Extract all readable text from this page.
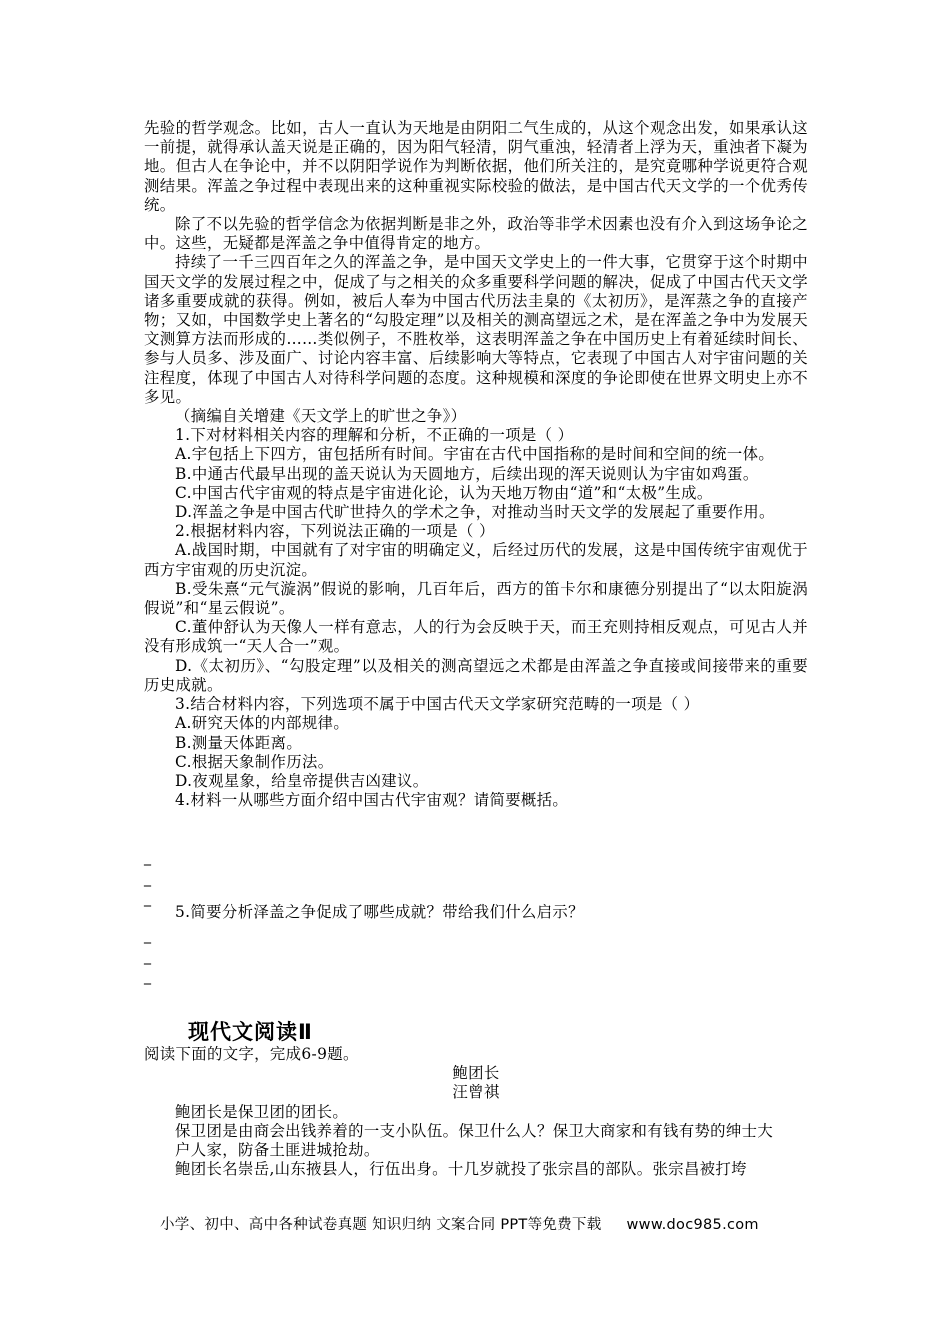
先验的哲学观念。比如，古人一直认为天地是由阴阳二气生成的，从这个观念出发，如果承认这一前提，就得承认盖天说是正确的，因为阳气轻清，阴气重浊，轻清者上浮为天，重浊者下凝为地。但古人在争论中，并不以阴阳学说作为判断依据，他们所关注的，是究竟哪种学说更符合观测结果。浑盖之争过程中表现出来的这种重视实际校验的做法，是中国古代天文学的一个优秀传统。

除了不以先验的哲学信念为依据判断是非之外，政治等非学术因素也没有介入到这场争论之中。这些，无疑都是浑盖之争中值得肯定的地方。

持续了一千三四百年之久的浑盖之争，是中国天文学史上的一件大事，它贯穿于这个时期中国天文学的发展过程之中，促成了与之相关的众多重要科学问题的解决，促成了中国古代天文学诸多重要成就的获得。例如，被后人奉为中国古代历法圭臬的《太初历》，是浑蒸之争的直接产物；又如，中国数学史上著名的“勾股定理”以及相关的测高望远之术，是在浑盖之争中为发展天文测算方法而形成的……类似例子，不胜枚举，这表明浑盖之争在中国历史上有着延续时间长、参与人员多、涉及面广、讨论内容丰富、后续影响大等特点，它表现了中国古人对宇宙问题的关注程度，体现了中国古人对待科学问题的态度。这种规模和深度的争论即使在世界文明史上亦不多见。

（摘编自关增建《天文学上的旷世之争》）

1.下对材料相关内容的理解和分析，不正确的一项是（ ）

A.宇包括上下四方，宙包括所有时间。宇宙在古代中国指称的是时间和空间的统一体。

B.中通古代最早出现的盖天说认为天圆地方，后续出现的浑天说则认为宇宙如鸡蛋。

C.中国古代宇宙观的特点是宇宙进化论，认为天地万物由“道”和“太极”生成。

D.浑盖之争是中国古代旷世持久的学术之争，对推动当时天文学的发展起了重要作用。

2.根据材料内容，下列说法正确的一项是（ ）

A.战国时期，中国就有了对宇宙的明确定义，后经过历代的发展，这是中国传统宇宙观优于西方宇宙观的历史沉淀。

B.受朱熹“元气漩涡”假说的影响，几百年后，西方的笛卡尔和康德分别提出了“以太阳旋涡假说”和“星云假说”。

C.董仲舒认为天像人一样有意志，人的行为会反映于天，而王充则持相反观点，可见古人并没有形成筑一“天人合一”观。

D.《太初历》、“勾股定理”以及相关的测高望远之术都是由浑盖之争直接或间接带来的重要历史成就。

3.结合材料内容，下列选项不属于中国古代天文学家研究范畴的一项是（ ）

A.研究天体的内部规律。

B.测量天体距离。

C.根据天象制作历法。

D.夜观星象，给皇帝提供吉凶建议。

4.材料一从哪些方面介绍中国古代宇宙观？请简要概括。

_
_
_

5.简要分析泽盖之争促成了哪些成就？带给我们什么启示？

_
_
_
现代文阅读Ⅱ

阅读下面的文字，完成6-9题。

鲍团长

汪曾祺

鲍团长是保卫团的团长。

保卫团是由商会出钱养着的一支小队伍。保卫什么人？保卫大商家和有钱有势的绅士大

户人家，防备土匪进城抢劫。

鲍团长名崇岳,山东掖县人，行伍出身。十几岁就投了张宗昌的部队。张宗昌被打垮

小学、初中、高中各种试卷真题 知识归纳 文案合同 PPT等免费下载 www.doc985.com
